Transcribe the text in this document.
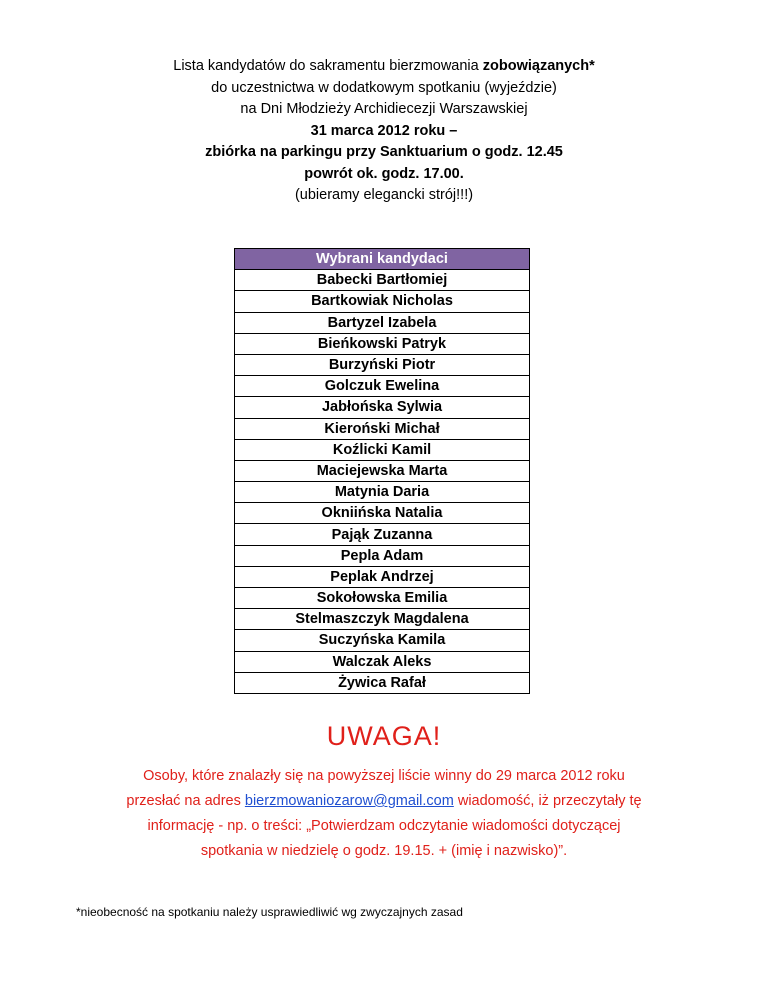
Lista kandydatów do sakramentu bierzmowania zobowiązanych*
do uczestnictwa w dodatkowym spotkaniu (wyjeździe)
na Dni Młodzieży Archidiecezji Warszawskiej
31 marca 2012 roku –
zbiórka na parkingu przy Sanktuarium o godz. 12.45
powrót ok. godz. 17.00.
(ubieramy elegancki strój!!!)
Wybrani kandydaci
Babecki Bartłomiej
Bartkowiak Nicholas
Bartyzel Izabela
Bieńkowski Patryk
Burzyński Piotr
Golczuk Ewelina
Jabłońska Sylwia
Kieroński Michał
Koźlicki Kamil
Maciejewska Marta
Matynia Daria
Okniińska Natalia
Pająk Zuzanna
Pepla Adam
Peplak Andrzej
Sokołowska Emilia
Stelmaszczyk Magdalena
Suczyńska Kamila
Walczak Aleks
Żywica Rafał
UWAGA!
Osoby, które znalazły się na powyższej liście winny do 29 marca 2012 roku
przesłać na adres bierzmowaniozarow@gmail.com wiadomość, iż przeczytały tę
informację - np. o treści: „Potwierdzam odczytanie wiadomości dotyczącej
spotkania w niedzielę o godz. 19.15. + (imię i nazwisko)”.
*nieobecność na spotkaniu należy usprawiedliwić wg zwyczajnych zasad
